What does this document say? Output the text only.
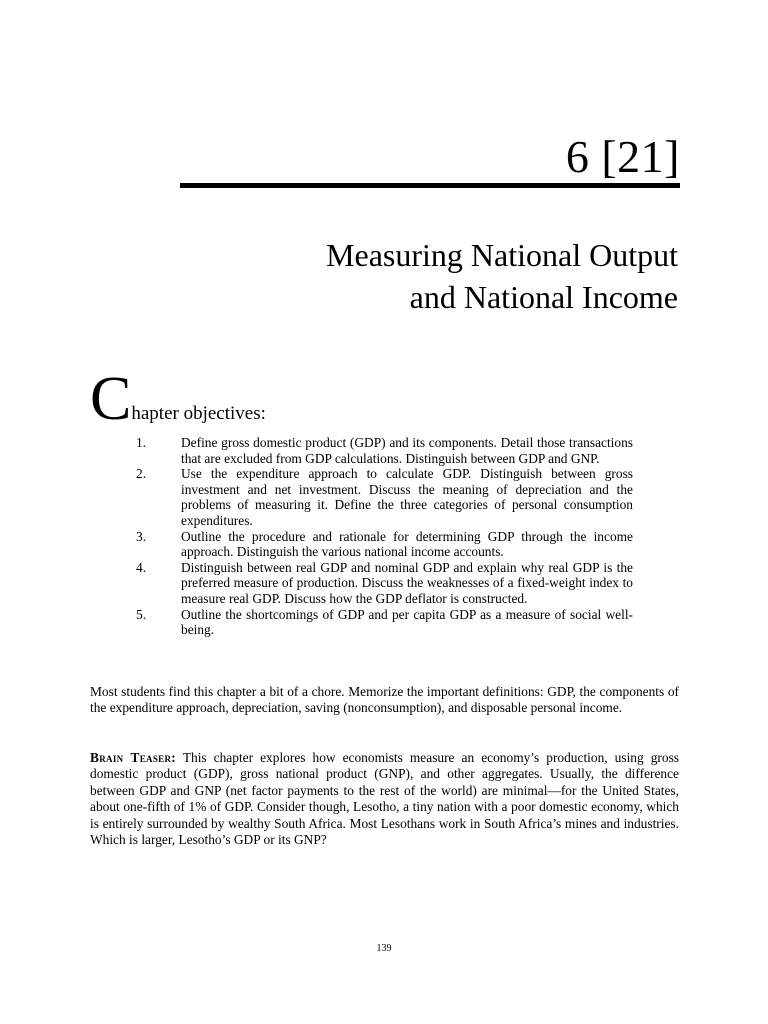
6 [21]
Measuring National Output
and National Income
Chapter objectives:
1.	Define gross domestic product (GDP) and its components. Detail those transactions that are excluded from GDP calculations. Distinguish between GDP and GNP.
2.	Use the expenditure approach to calculate GDP. Distinguish between gross investment and net investment. Discuss the meaning of depreciation and the problems of measuring it. Define the three categories of personal consumption expenditures.
3.	Outline the procedure and rationale for determining GDP through the income approach. Distinguish the various national income accounts.
4.	Distinguish between real GDP and nominal GDP and explain why real GDP is the preferred measure of production. Discuss the weaknesses of a fixed-weight index to measure real GDP. Discuss how the GDP deflator is constructed.
5.	Outline the shortcomings of GDP and per capita GDP as a measure of social well-being.

Most students find this chapter a bit of a chore. Memorize the important definitions: GDP, the components of the expenditure approach, depreciation, saving (nonconsumption), and disposable personal income.

Brain Teaser: This chapter explores how economists measure an economy’s production, using gross domestic product (GDP), gross national product (GNP), and other aggregates. Usually, the difference between GDP and GNP (net factor payments to the rest of the world) are minimal—for the United States, about one-fifth of 1% of GDP. Consider though, Lesotho, a tiny nation with a poor domestic economy, which is entirely surrounded by wealthy South Africa. Most Lesothans work in South Africa’s mines and industries. Which is larger, Lesotho’s GDP or its GNP?

139
